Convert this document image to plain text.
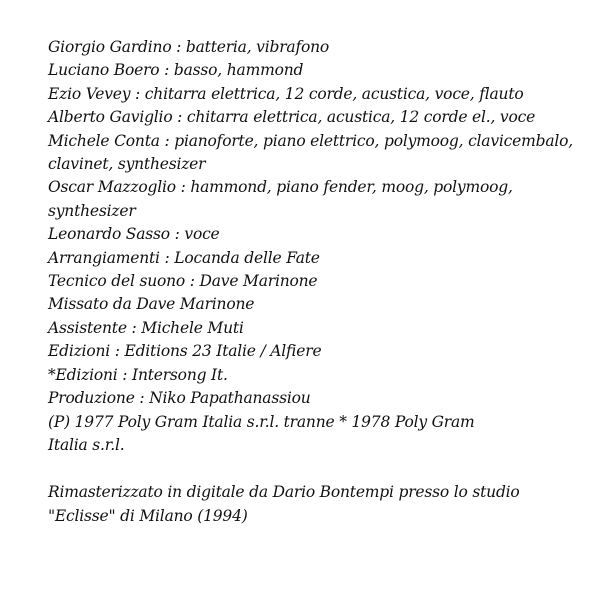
Giorgio Gardino : batteria, vibrafono
Luciano Boero : basso, hammond
Ezio Vevey : chitarra elettrica, 12 corde, acustica, voce, flauto
Alberto Gaviglio : chitarra elettrica, acustica, 12 corde el., voce
Michele Conta : pianoforte, piano elettrico, polymoog, clavicembalo,
clavinet, synthesizer
Oscar Mazzoglio : hammond, piano fender, moog, polymoog,
synthesizer
Leonardo Sasso : voce
Arrangiamenti : Locanda delle Fate
Tecnico del suono : Dave Marinone
Missato da Dave Marinone
Assistente : Michele Muti
Edizioni : Editions 23 Italie / Alfiere
*Edizioni : Intersong It.
Produzione : Niko Papathanassiou
(P) 1977 Poly Gram Italia s.r.l. tranne * 1978 Poly Gram
Italia s.r.l.
Rimasterizzato in digitale da Dario Bontempi presso lo studio
"Eclisse" di Milano (1994)
